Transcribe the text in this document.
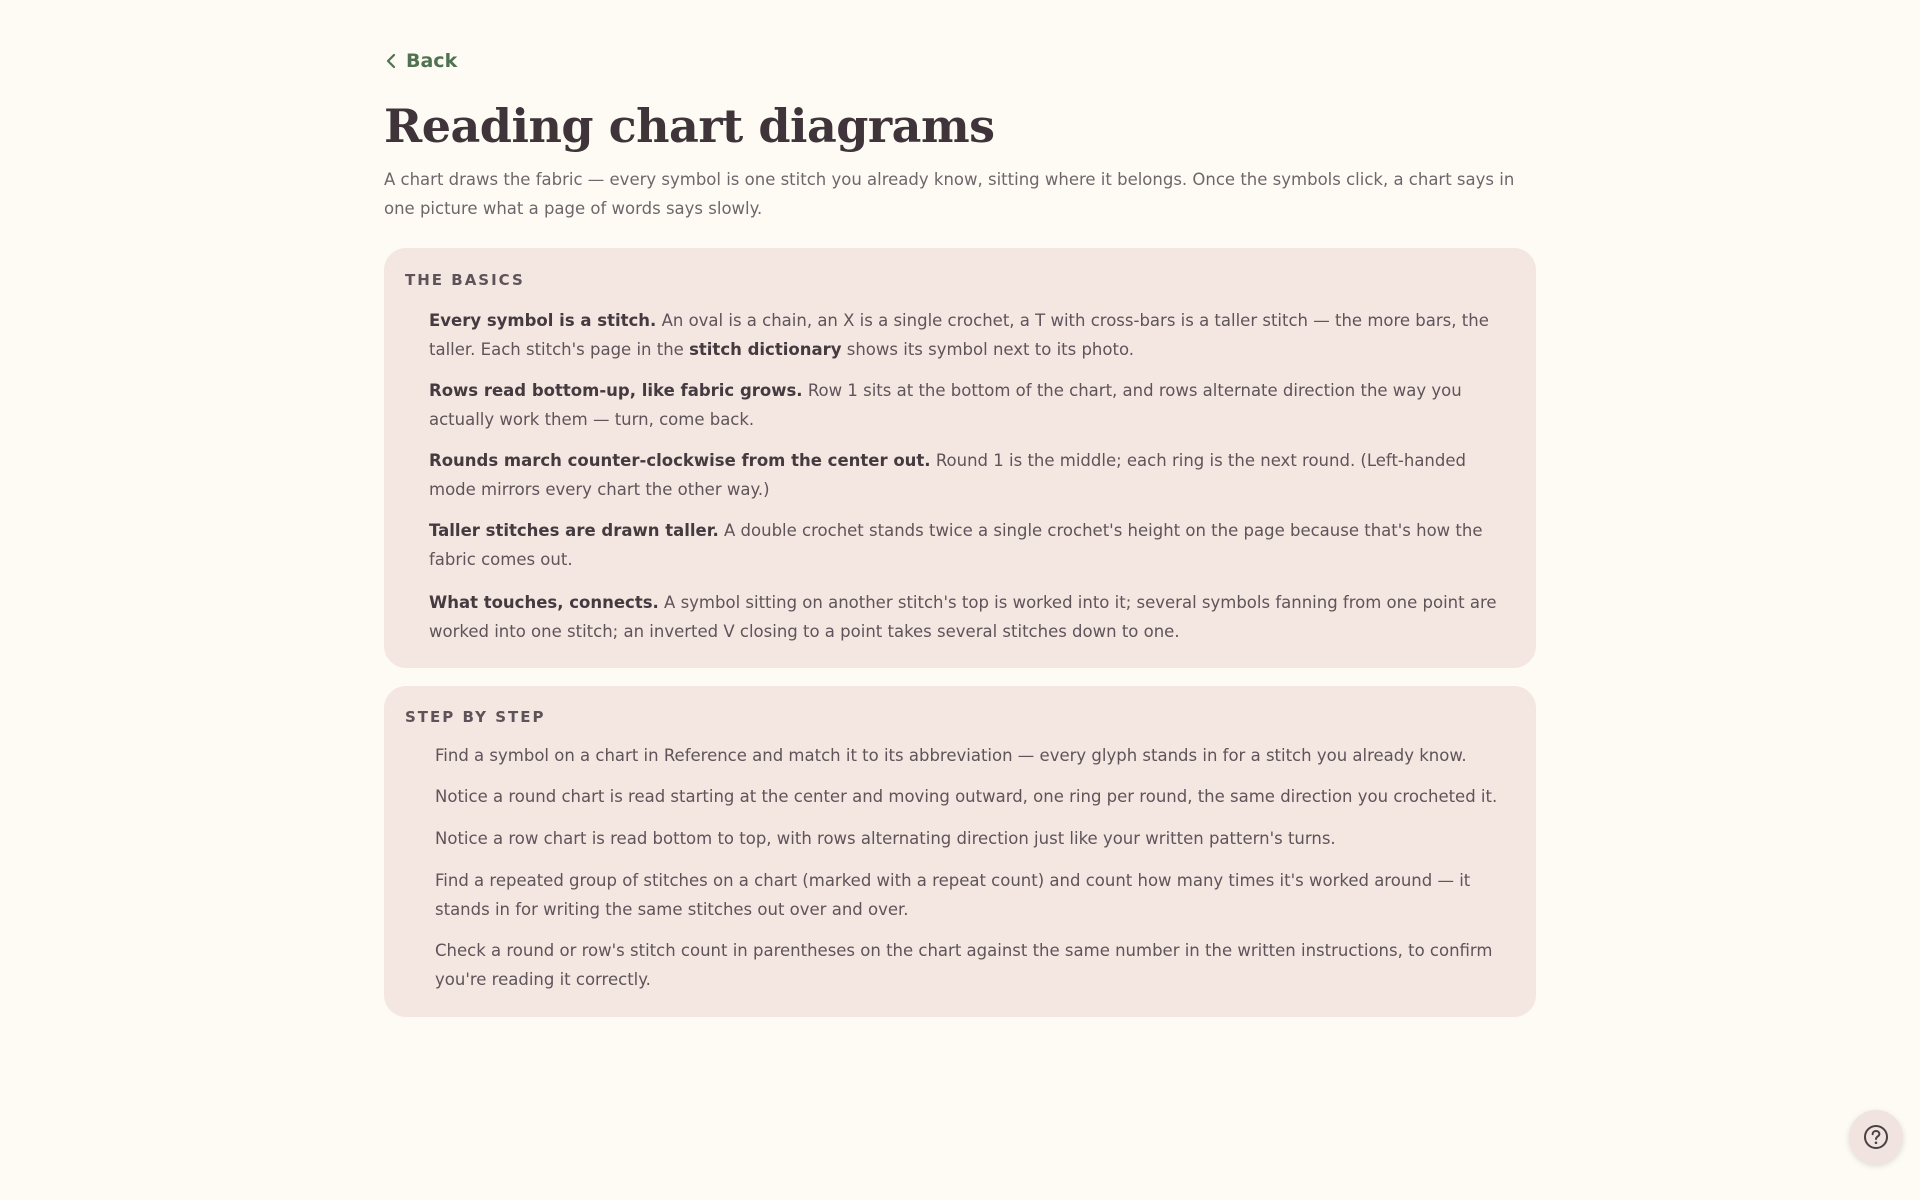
Back
Reading chart diagrams

A chart draws the fabric — every symbol is one stitch you already know, sitting where it belongs. Once the symbols click, a chart says in one picture what a page of words says slowly.

THE BASICS

Every symbol is a stitch. An oval is a chain, an X is a single crochet, a T with cross-bars is a taller stitch — the more bars, the taller. Each stitch's page in the stitch dictionary shows its symbol next to its photo.

Rows read bottom-up, like fabric grows. Row 1 sits at the bottom of the chart, and rows alternate direction the way you actually work them — turn, come back.

Rounds march counter-clockwise from the center out. Round 1 is the middle; each ring is the next round. (Left-handed mode mirrors every chart the other way.)

Taller stitches are drawn taller. A double crochet stands twice a single crochet's height on the page because that's how the fabric comes out.

What touches, connects. A symbol sitting on another stitch's top is worked into it; several symbols fanning from one point are worked into one stitch; an inverted V closing to a point takes several stitches down to one.

STEP BY STEP

Find a symbol on a chart in Reference and match it to its abbreviation — every glyph stands in for a stitch you already know.

Notice a round chart is read starting at the center and moving outward, one ring per round, the same direction you crocheted it.

Notice a row chart is read bottom to top, with rows alternating direction just like your written pattern's turns.

Find a repeated group of stitches on a chart (marked with a repeat count) and count how many times it's worked around — it stands in for writing the same stitches out over and over.

Check a round or row's stitch count in parentheses on the chart against the same number in the written instructions, to confirm you're reading it correctly.
